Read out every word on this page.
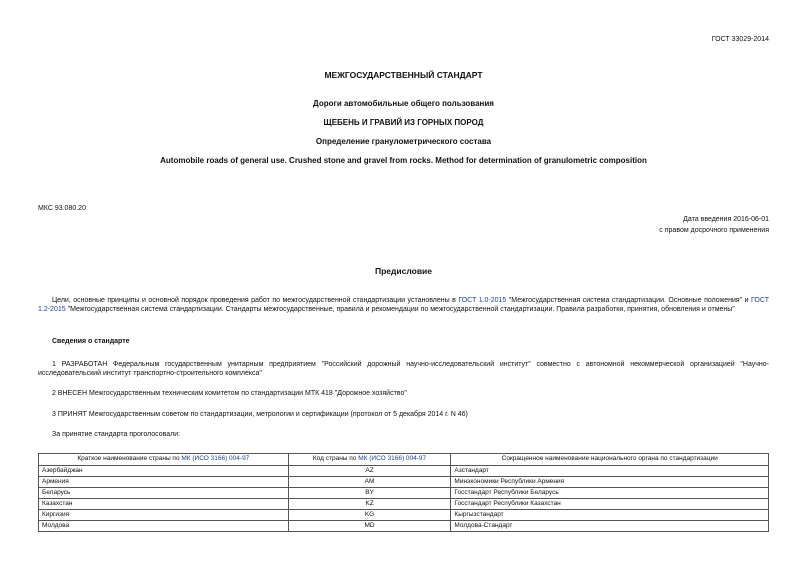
ГОСТ 33029-2014
МЕЖГОСУДАРСТВЕННЫЙ СТАНДАРТ
Дороги автомобильные общего пользования
ЩЕБЕНЬ И ГРАВИЙ ИЗ ГОРНЫХ ПОРОД
Определение гранулометрического состава
Automobile roads of general use. Crushed stone and gravel from rocks. Method for determination of granulometric composition
МКС 93.080.20
Дата введения 2016-06-01
с правом досрочного применения
Предисловие
Цели, основные принципы и основной порядок проведения работ по межгосударственной стандартизации установлены в ГОСТ 1.0-2015 "Межгосударственная система стандартизации. Основные положения" и ГОСТ 1.2-2015 "Межгосударственная система стандартизации. Стандарты межгосударственные, правила и рекомендации по межгосударственной стандартизации. Правила разработки, принятия, обновления и отмены"
Сведения о стандарте
1 РАЗРАБОТАН Федеральным государственным унитарным предприятием "Российский дорожный научно-исследовательский институт" совместно с автономной некоммерческой организацией "Научно-исследовательский институт транспортно-строительного комплекса"
2 ВНЕСЕН Межгосударственным техническим комитетом по стандартизации МТК 418 "Дорожное хозяйство"
3 ПРИНЯТ Межгосударственным советом по стандартизации, метрологии и сертификации (протокол от 5 декабря 2014 г. N 46)
За принятие стандарта проголосовали:
Краткое наименование страны по МК (ИСО 3166) 004-97	Код страны по МК (ИСО 3166) 004-97	Сокращенное наименование национального органа по стандартизации
Азербайджан	AZ	Азстандарт
Армения	AM	Минэкономики Республики Армения
Беларусь	BY	Госстандарт Республики Беларусь
Казахстан	KZ	Госстандарт Республики Казахстан
Киргизия	KG	Кыргызстандарт
Молдова	MD	Молдова-Стандарт
